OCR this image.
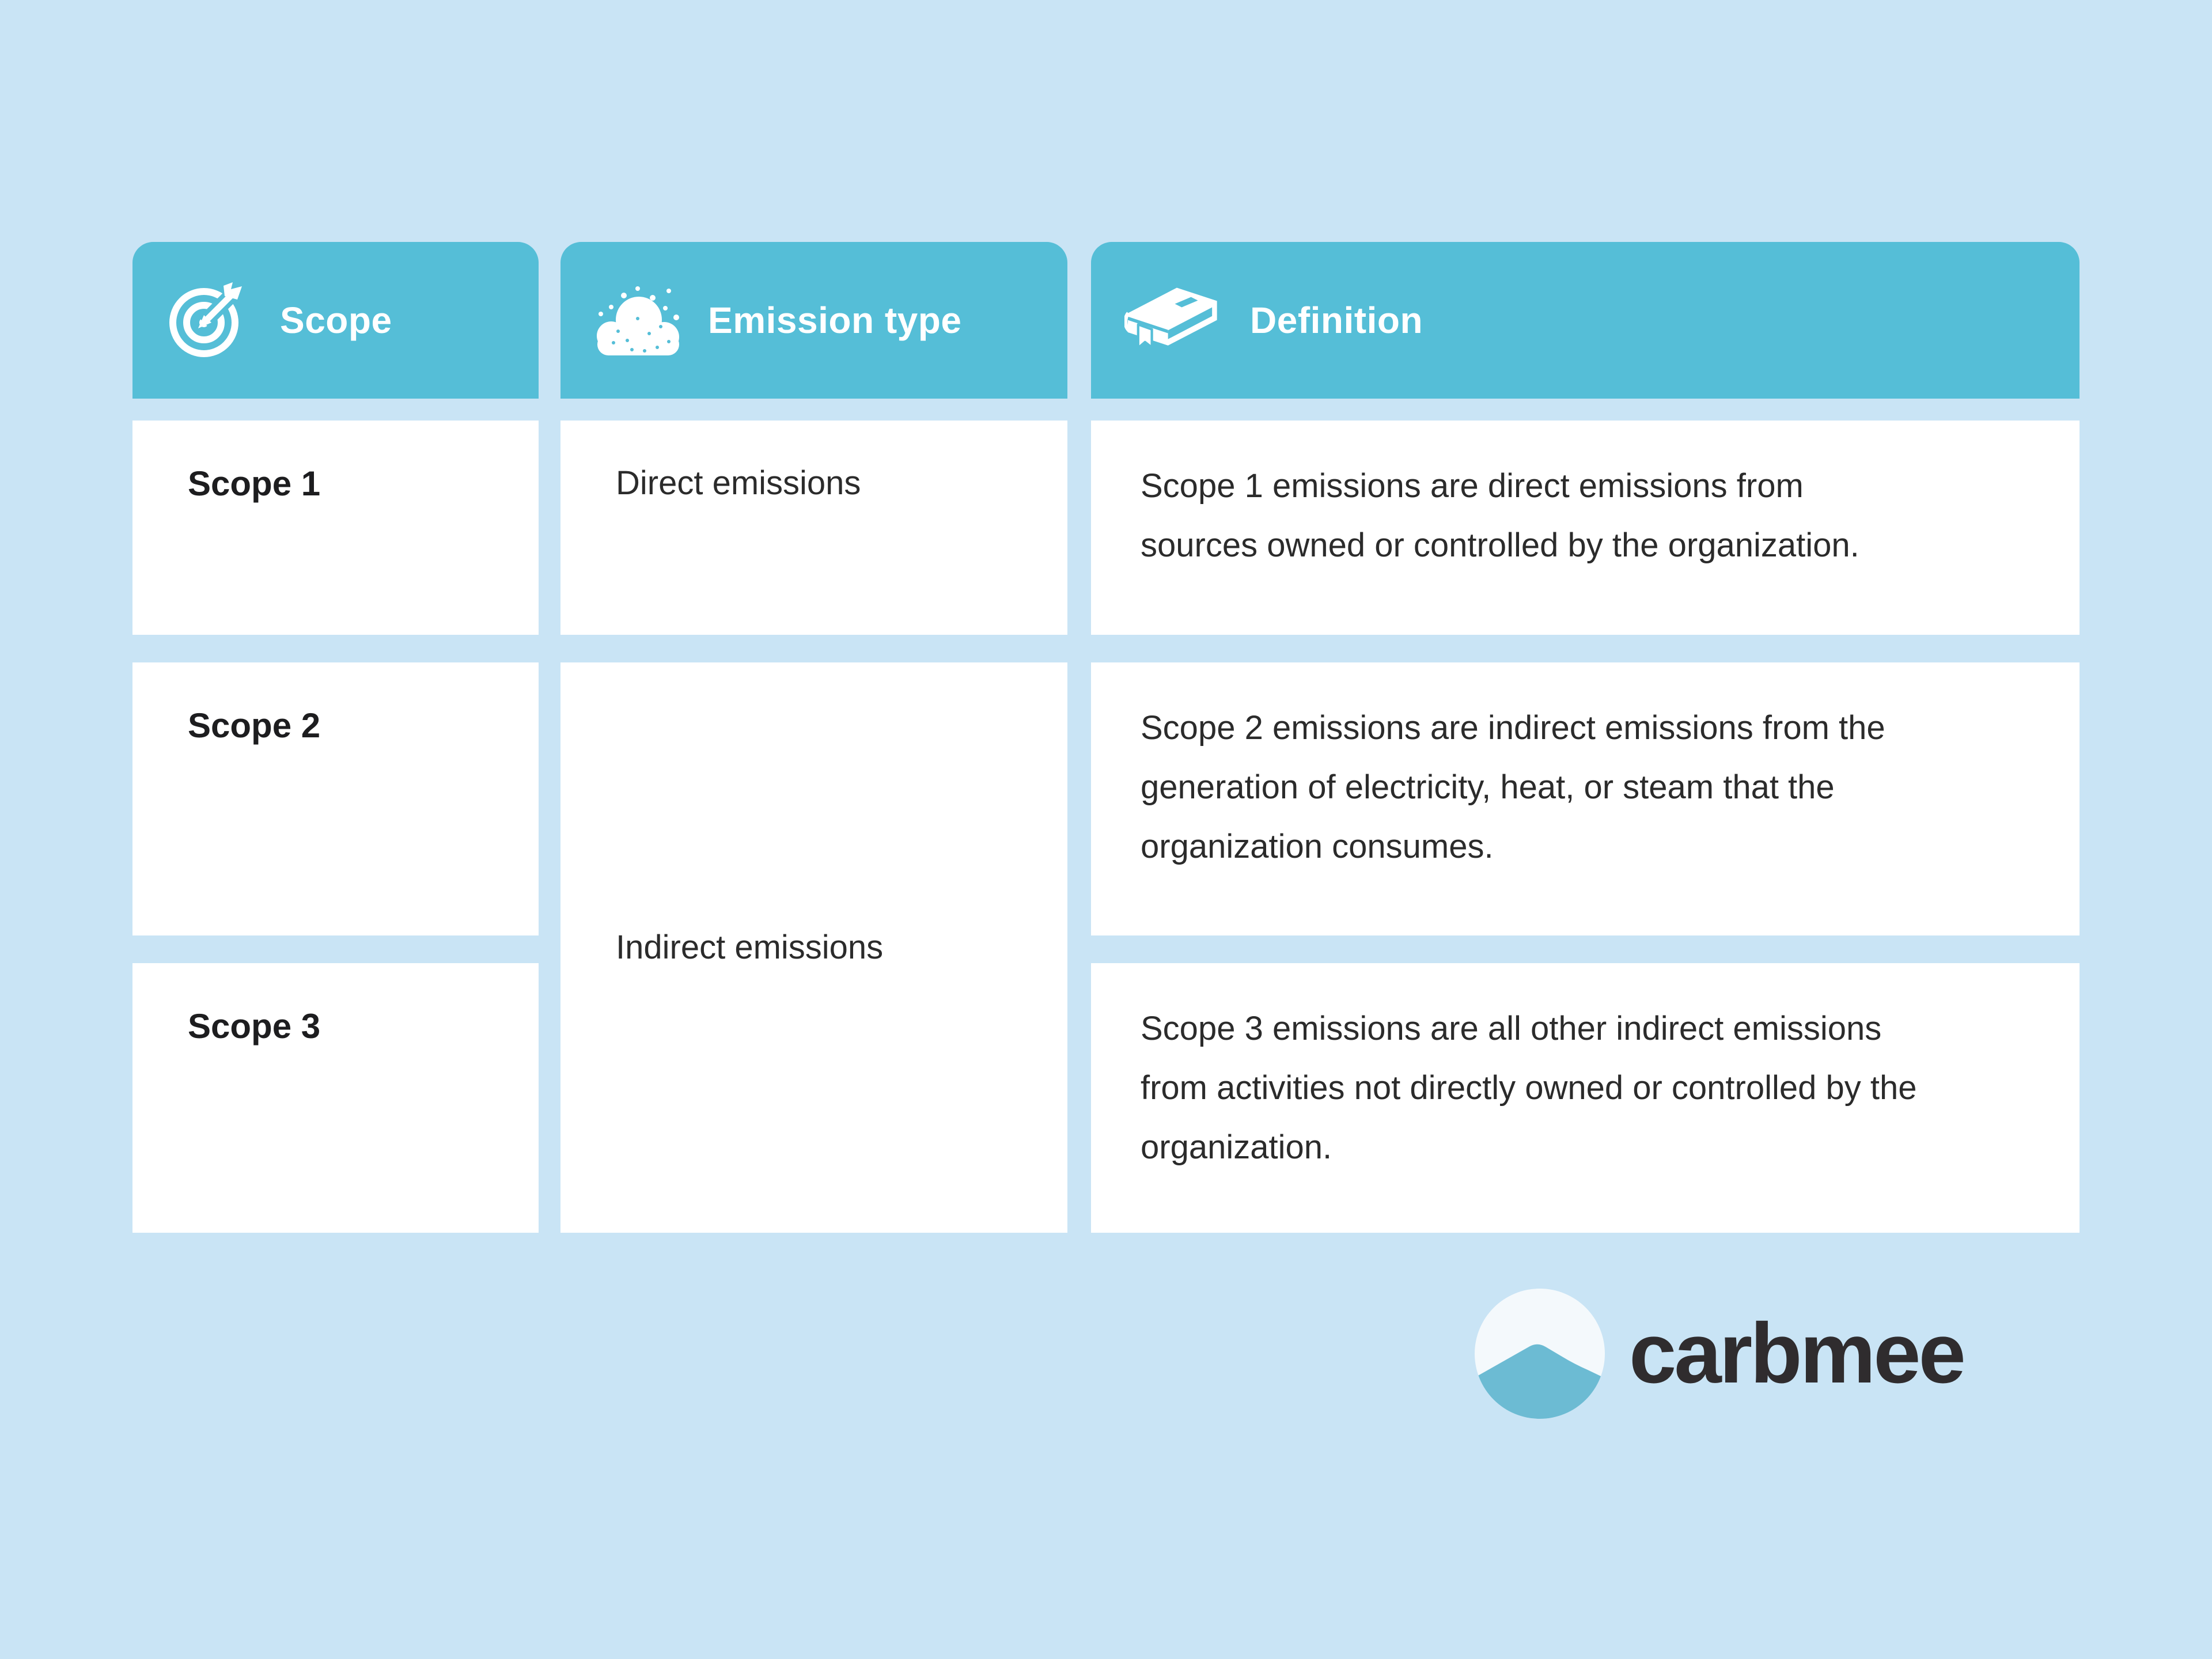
Scope	Emission type	Definition
Scope 1
Scope 2
Scope 3
Direct emissions
Indirect emissions
Scope 1 emissions are direct emissions from sources owned or controlled by the organization.
Scope 2 emissions are indirect emissions from the generation of electricity, heat, or steam that the organization consumes.
Scope 3 emissions are all other indirect emissions from activities not directly owned or controlled by the organization.
carbmee
